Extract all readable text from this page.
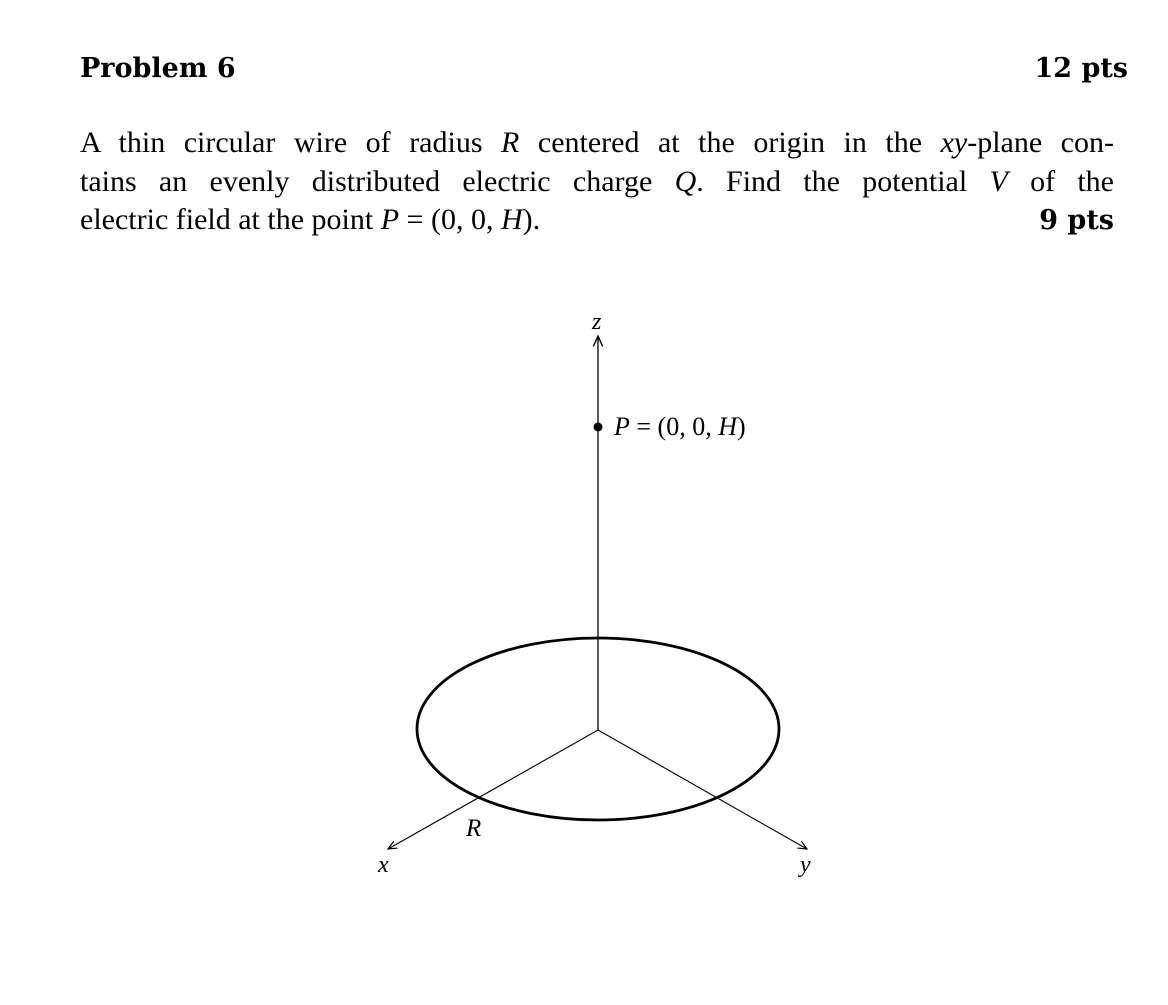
Problem 6	12 pts
A thin circular wire of radius R centered at the origin in the xy-plane con-
tains an evenly distributed electric charge Q. Find the potential V of the
electric field at the point P = (0, 0, H).	9 pts
z
x	y
R
P = (0, 0, H)
